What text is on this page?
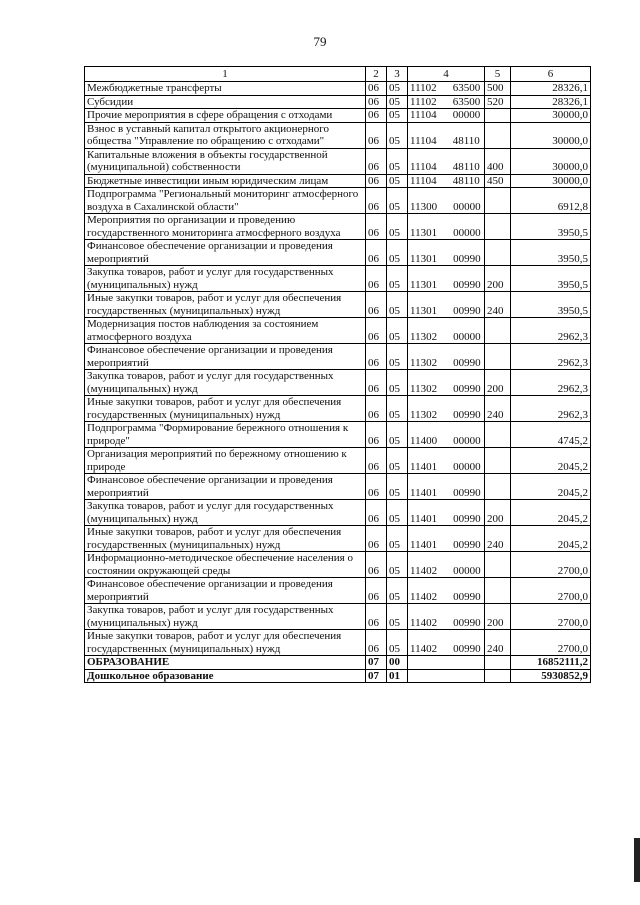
79
1	2	3	4	5	6
Межбюджетные трансферты	06	05	11102 63500	500	28326,1
Субсидии	06	05	11102 63500	520	28326,1
Прочие мероприятия в сфере обращения с отходами	06	05	11104 00000		30000,0
Взнос в уставный капитал открытого акционерного общества "Управление по обращению с отходами"	06	05	11104 48110		30000,0
Капитальные вложения в объекты государственной (муниципальной) собственности	06	05	11104 48110	400	30000,0
Бюджетные инвестиции иным юридическим лицам	06	05	11104 48110	450	30000,0
Подпрограмма "Региональный мониторинг атмосферного воздуха в Сахалинской области"	06	05	11300 00000		6912,8
Мероприятия по организации и проведению государственного мониторинга атмосферного воздуха	06	05	11301 00000		3950,5
Финансовое обеспечение организации и проведения мероприятий	06	05	11301 00990		3950,5
Закупка товаров, работ и услуг для государственных (муниципальных) нужд	06	05	11301 00990	200	3950,5
Иные закупки товаров, работ и услуг для обеспечения государственных (муниципальных) нужд	06	05	11301 00990	240	3950,5
Модернизация постов наблюдения за состоянием атмосферного воздуха	06	05	11302 00000		2962,3
Финансовое обеспечение организации и проведения мероприятий	06	05	11302 00990		2962,3
Закупка товаров, работ и услуг для государственных (муниципальных) нужд	06	05	11302 00990	200	2962,3
Иные закупки товаров, работ и услуг для обеспечения государственных (муниципальных) нужд	06	05	11302 00990	240	2962,3
Подпрограмма "Формирование бережного отношения к природе"	06	05	11400 00000		4745,2
Организация мероприятий по бережному отношению к природе	06	05	11401 00000		2045,2
Финансовое обеспечение организации и проведения мероприятий	06	05	11401 00990		2045,2
Закупка товаров, работ и услуг для государственных (муниципальных) нужд	06	05	11401 00990	200	2045,2
Иные закупки товаров, работ и услуг для обеспечения государственных (муниципальных) нужд	06	05	11401 00990	240	2045,2
Информационно-методическое обеспечение населения о состоянии окружающей среды	06	05	11402 00000		2700,0
Финансовое обеспечение организации и проведения мероприятий	06	05	11402 00990		2700,0
Закупка товаров, работ и услуг для государственных (муниципальных) нужд	06	05	11402 00990	200	2700,0
Иные закупки товаров, работ и услуг для обеспечения государственных (муниципальных) нужд	06	05	11402 00990	240	2700,0
ОБРАЗОВАНИЕ	07	00			16852111,2
Дошкольное образование	07	01			5930852,9
